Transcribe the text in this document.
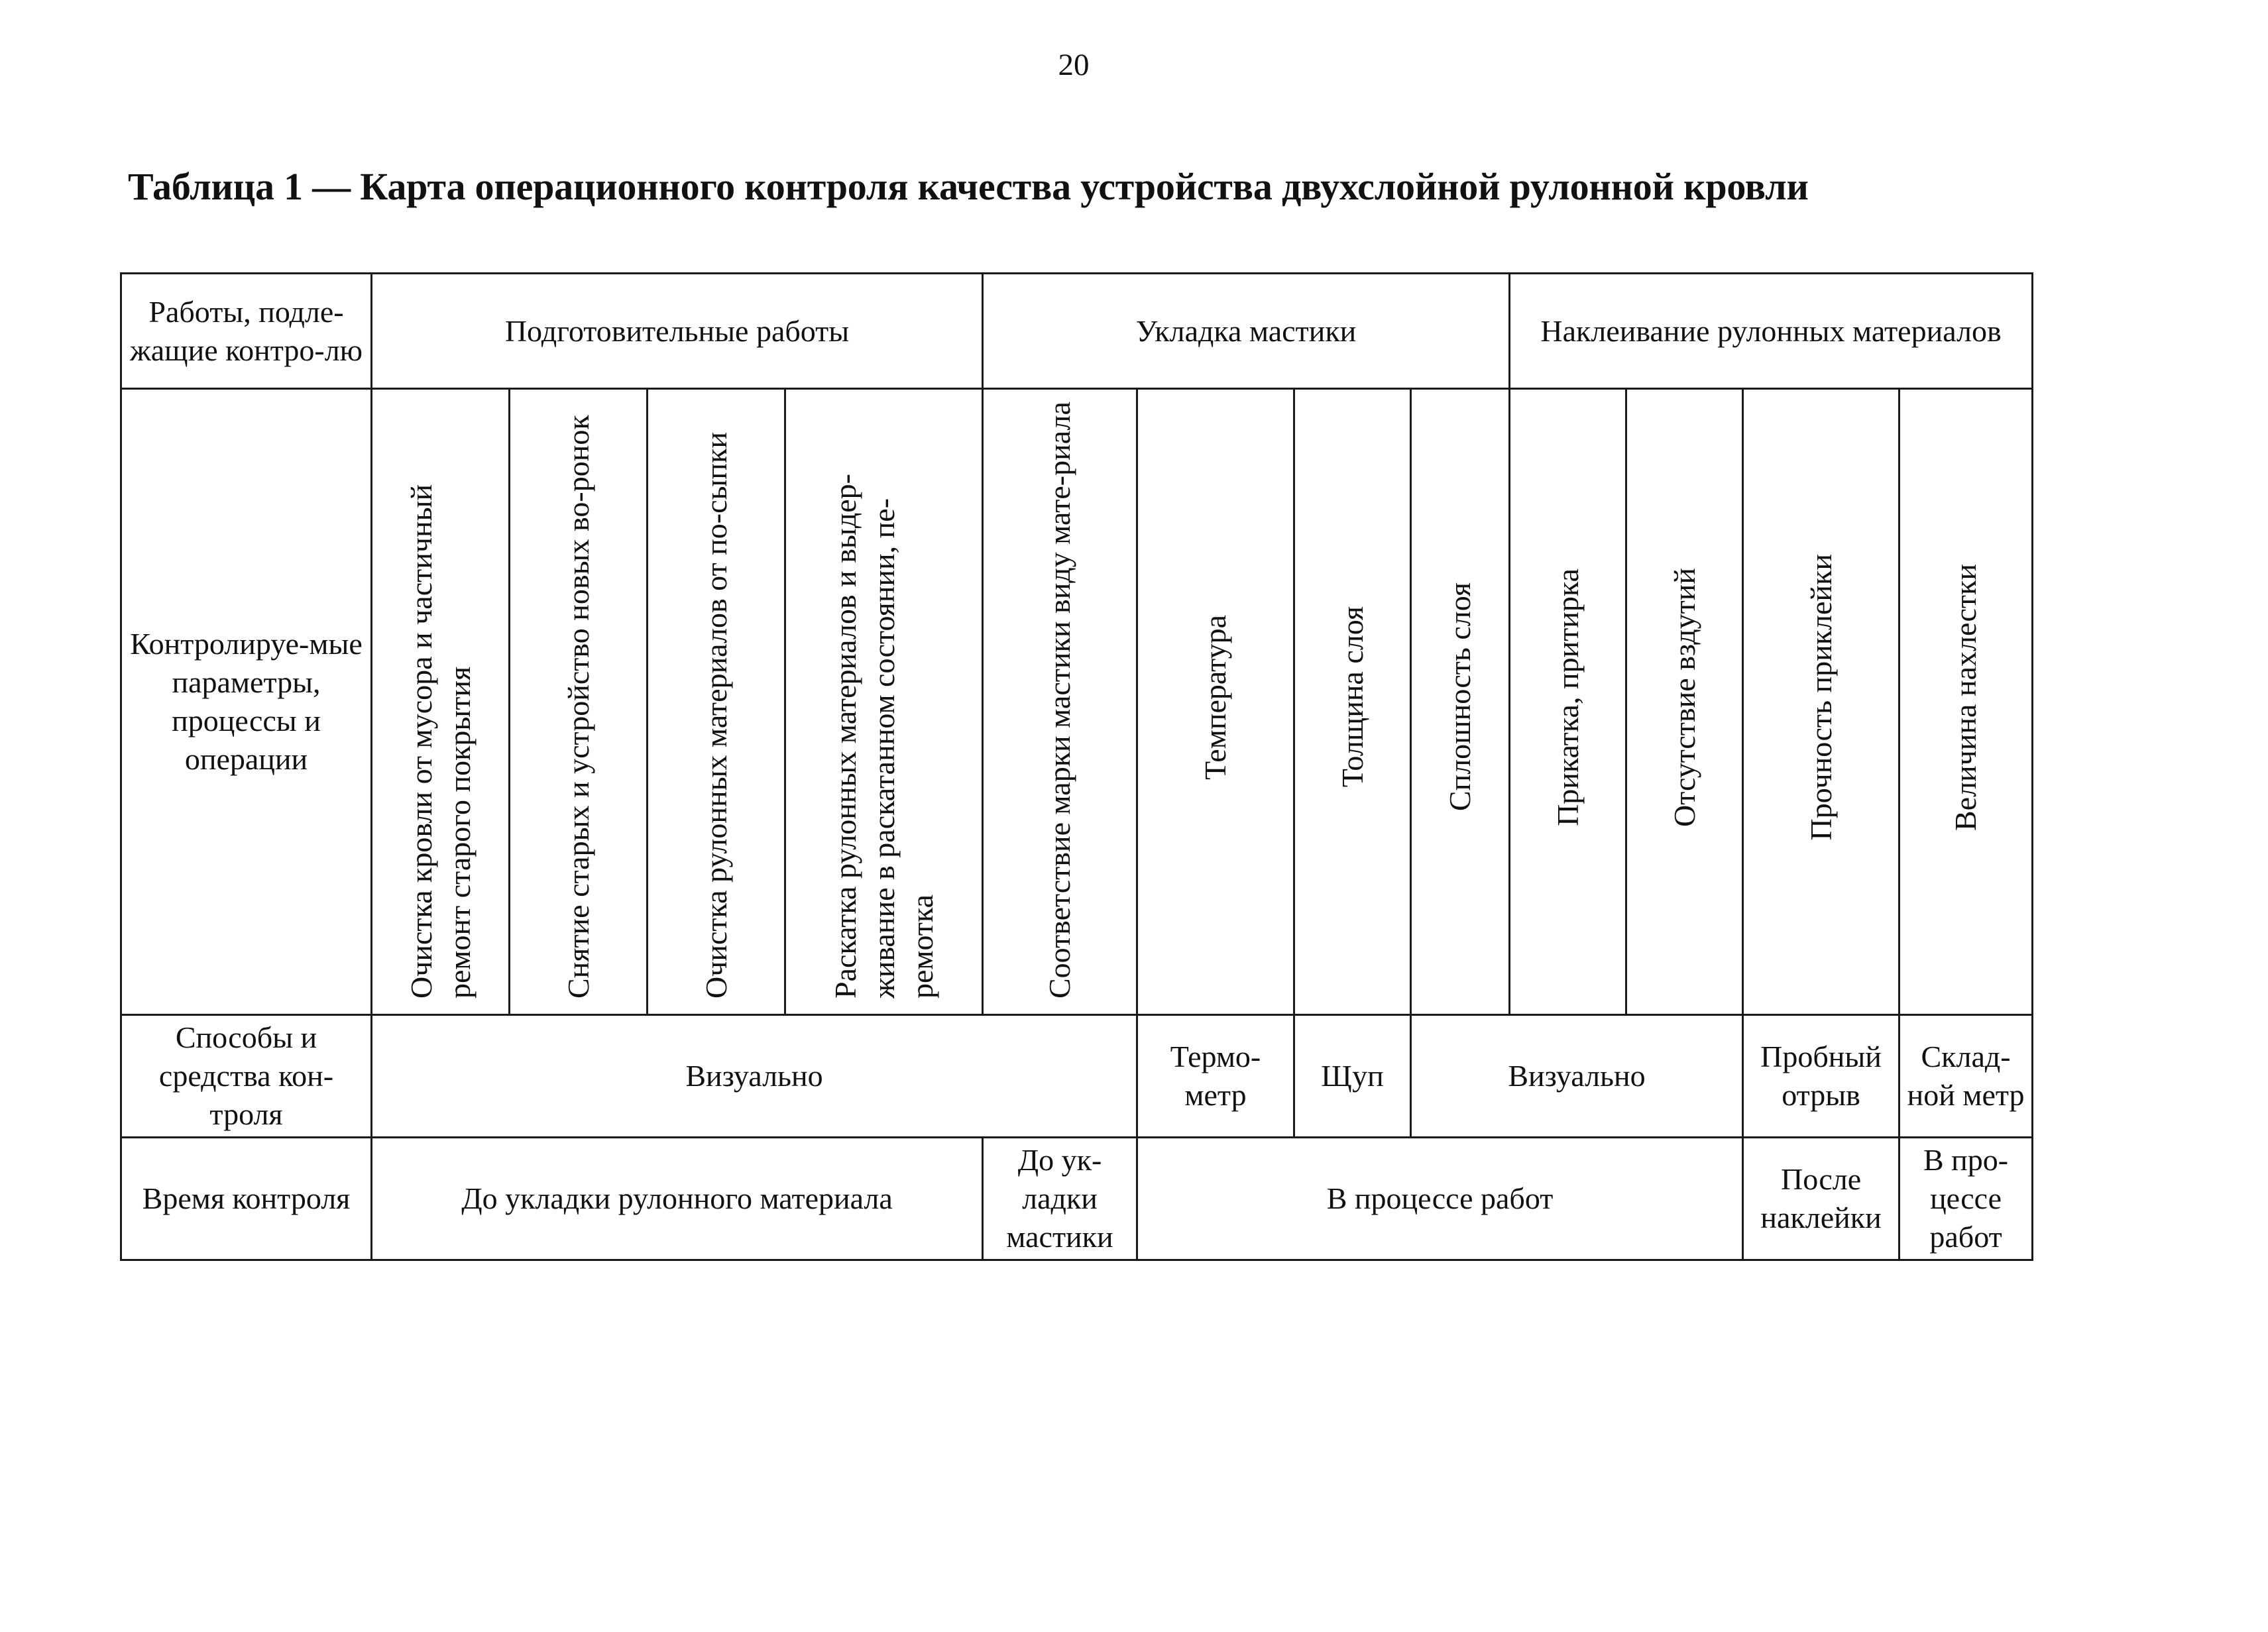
20
Таблица 1 — Карта операционного контроля качества устройства двухслойной рулонной кровли
Работы, подле-жащие контро-лю	Подготовительные работы				Укладка мастики				Наклеивание рулонных материалов			
Контролируе-мые параметры, процессы и операции	Очистка кровли от мусора и частичный ремонт старого покрытия	Снятие старых и устройство новых во-ронок	Очистка рулонных материалов от по-сыпки	Раскатка рулонных материалов и выдер-живание в раскатанном состоянии, пе-ремотка	Соответствие марки мастики виду мате-риала	Температура	Толщина слоя	Сплошность слоя	Прикатка, притирка	Отсутствие вздутий	Прочность приклейки	Величина нахлестки
Способы и средства кон-троля	Визуально					Термо-метр	Щуп	Визуально			Пробный отрыв	Склад-ной метр
Время контроля	До укладки рулонного материала				До ук-ладки мастики	В процессе работ					После наклейки	В про-цессе работ
